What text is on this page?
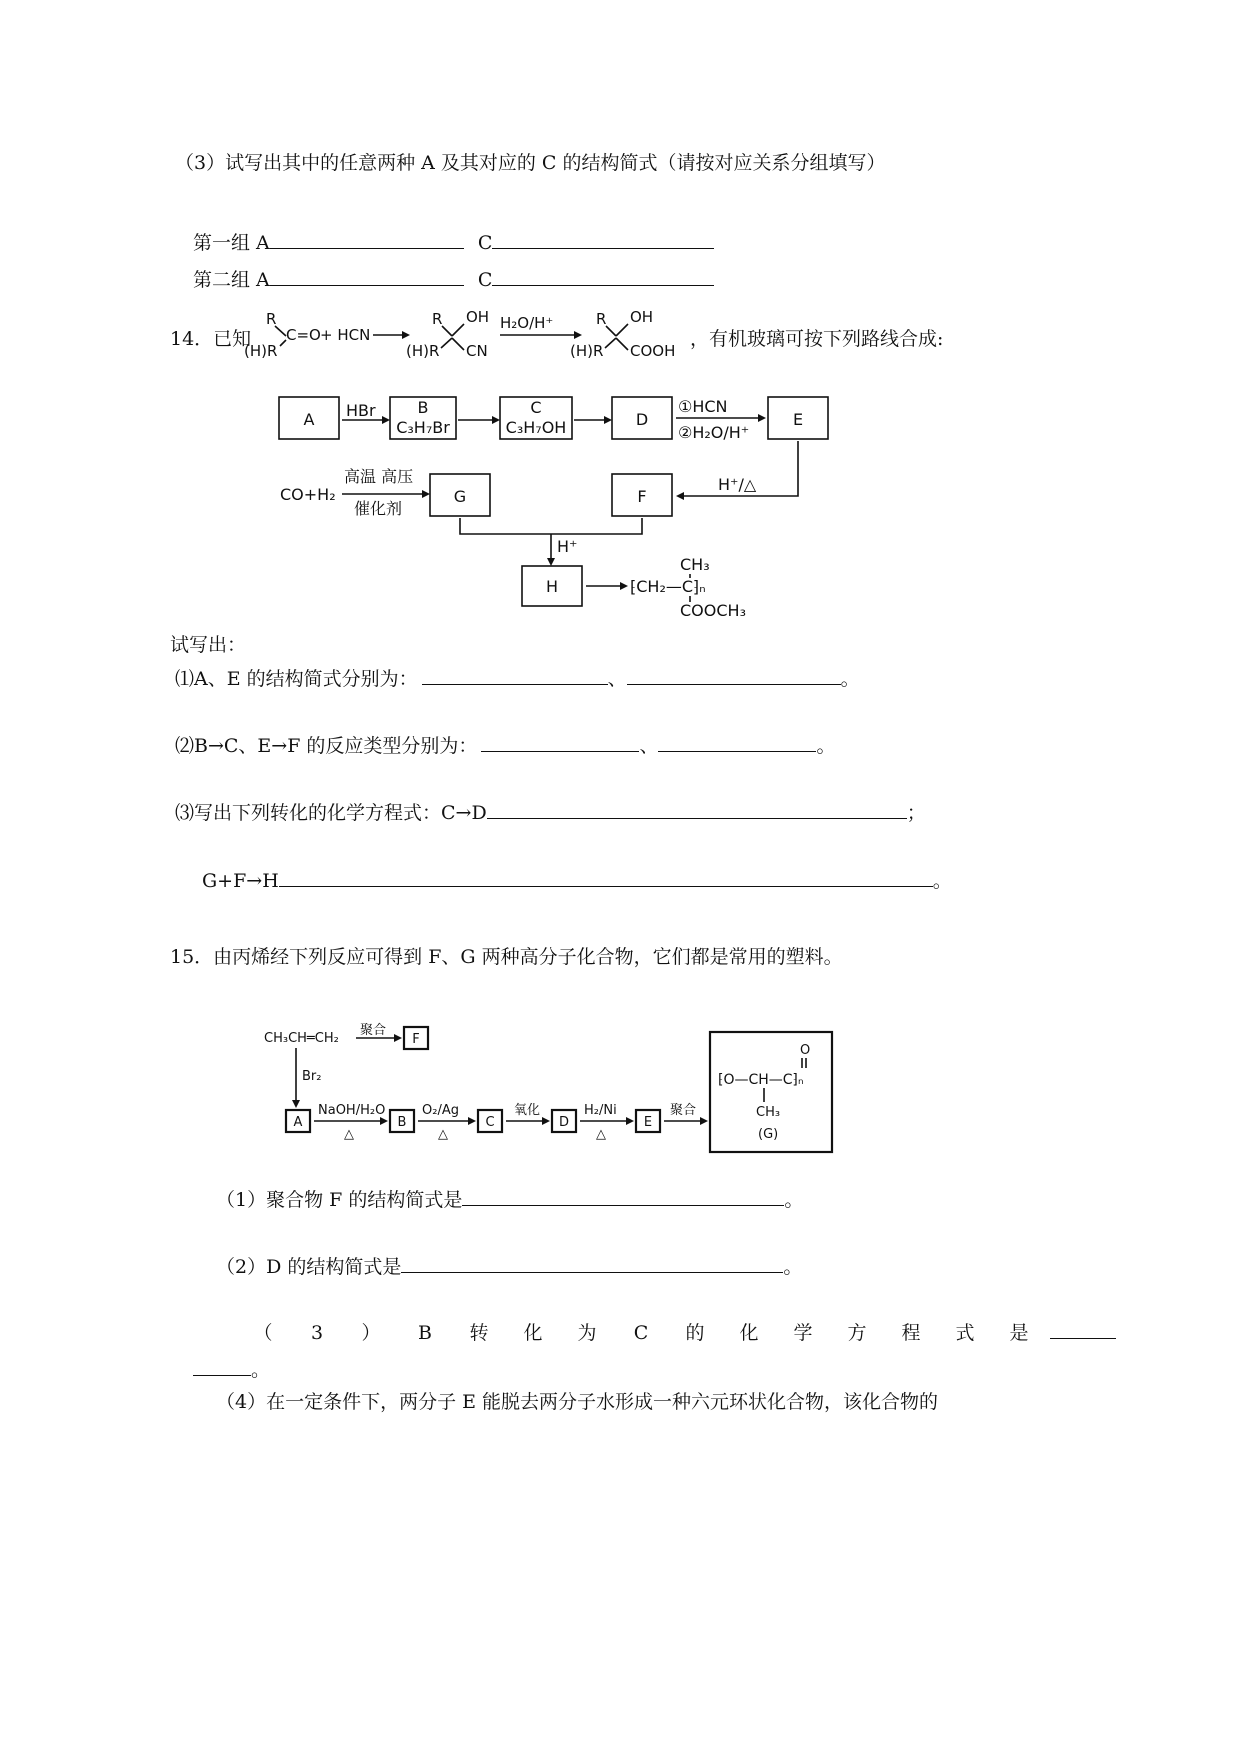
（3）试写出其中的任意两种 A 及其对应的 C 的结构简式（请按对应关系分组填写）
第一组 A	C
第二组 A	C
14．已知
R
(H)R
C=O + HCN
R
(H)R
OH
CN
H₂O/H⁺	R
(H)R
OH
COOH
，有机玻璃可按下列路线合成:
A HBr	B
C₃H₇Br
C
C₃H₇OH	D
①HCN
②H₂O/H⁺
E
H⁺/△
CO+H₂
高温 高压
催化剂
G	F
H⁺
H
CH₃
⁅CH₂—C⁆ₙ
COOCH₃
试写出：
⑴A、E 的结构简式分别为：	、	。
⑵B→C、E→F 的反应类型分别为：	、	。
⑶写出下列转化的化学方程式：C→D	；
G+F→H	。
15．由丙烯经下列反应可得到 F、G 两种高分子化合物，它们都是常用的塑料。
CH₃CH═CH₂
聚合
F
Br₂
A
NaOH/H₂O
△
B
O₂/Ag
△
C
氧化
D
H₂/Ni
△
E
聚合
O
⁅O—CH—C⁆ₙ
CH₃
(G)
（1）聚合物 F 的结构简式是	。
（2）D 的结构简式是	。
（ 3 ） B 转 化 为 C 的 化 学 方 程 式 是
。
（4）在一定条件下，两分子 E 能脱去两分子水形成一种六元环状化合物，该化合物的
